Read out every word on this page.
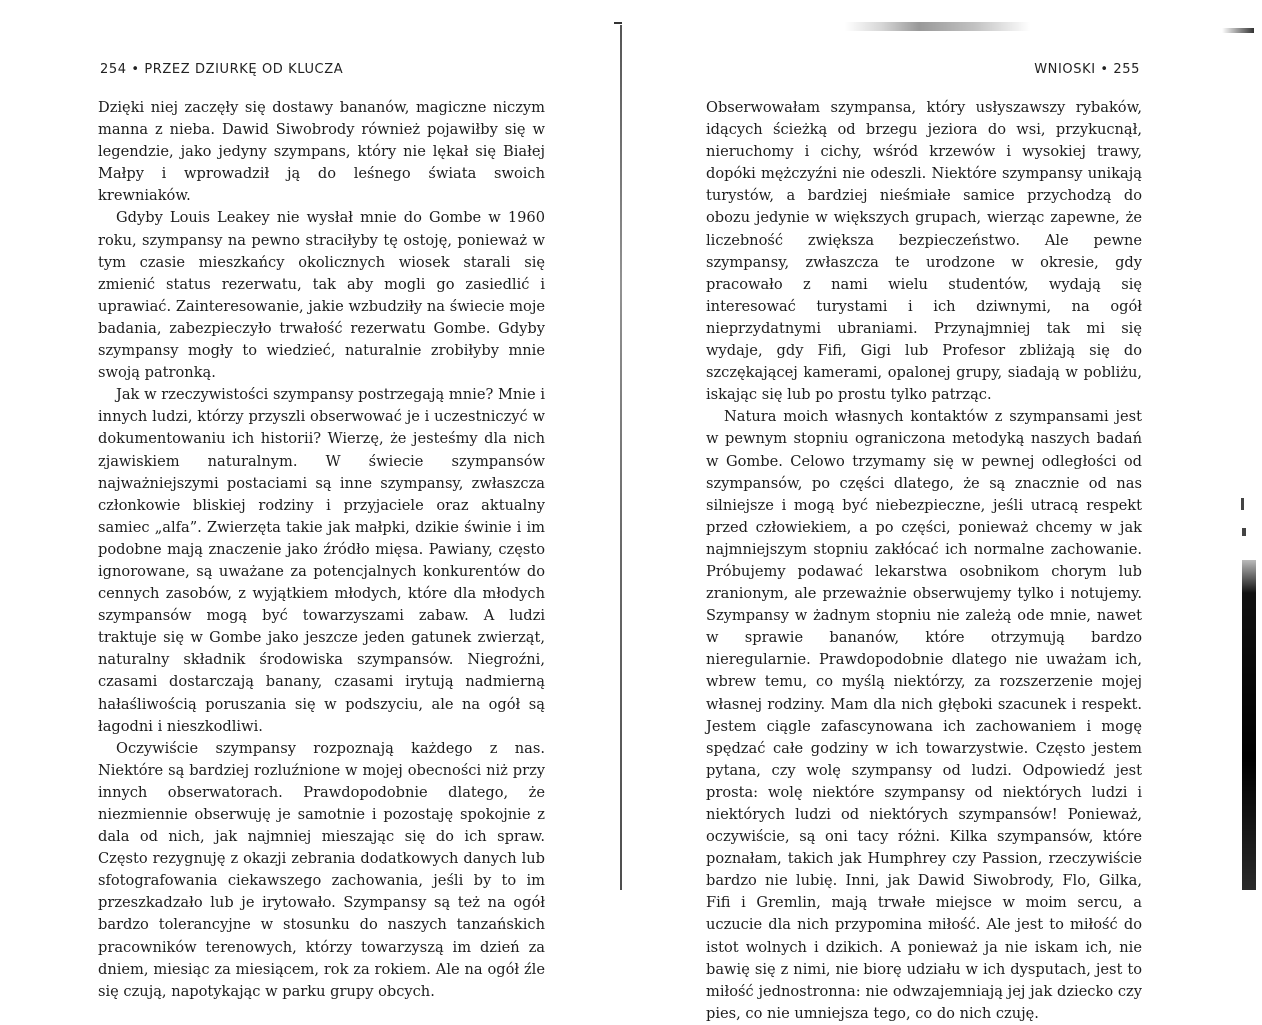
254 • PRZEZ DZIURKĘ OD KLUCZA

Dzięki niej zaczęły się dostawy bananów, magiczne niczym manna z nieba. Dawid Siwobrody również pojawiłby się w legendzie, jako jedyny szympans, który nie lękał się Białej Małpy i wprowadził ją do leśnego świata swoich krewniaków.

Gdyby Louis Leakey nie wysłał mnie do Gombe w 1960 roku, szympansy na pewno straciłyby tę ostoję, ponieważ w tym czasie mieszkańcy okolicznych wiosek starali się zmienić status rezerwatu, tak aby mogli go zasiedlić i uprawiać. Zainteresowanie, jakie wzbudziły na świecie moje badania, zabezpieczyło trwałość rezerwatu Gombe. Gdyby szympansy mogły to wiedzieć, naturalnie zrobiłyby mnie swoją patronką.

Jak w rzeczywistości szympansy postrzegają mnie? Mnie i innych ludzi, którzy przyszli obserwować je i uczestniczyć w dokumentowaniu ich historii? Wierzę, że jesteśmy dla nich zjawiskiem naturalnym. W świecie szympansów najważniejszymi postaciami są inne szympansy, zwłaszcza członkowie bliskiej rodziny i przyjaciele oraz aktualny samiec „alfa”. Zwierzęta takie jak małpki, dzikie świnie i im podobne mają znaczenie jako źródło mięsa. Pawiany, często ignorowane, są uważane za potencjalnych konkurentów do cennych zasobów, z wyjątkiem młodych, które dla młodych szympansów mogą być towarzyszami zabaw. A ludzi traktuje się w Gombe jako jeszcze jeden gatunek zwierząt, naturalny składnik środowiska szympansów. Niegroźni, czasami dostarczają banany, czasami irytują nadmierną hałaśliwością poruszania się w podszyciu, ale na ogół są łagodni i nieszkodliwi.

Oczywiście szympansy rozpoznają każdego z nas. Niektóre są bardziej rozluźnione w mojej obecności niż przy innych obserwatorach. Prawdopodobnie dlatego, że niezmiennie obserwuję je samotnie i pozostaję spokojnie z dala od nich, jak najmniej mieszając się do ich spraw. Często rezygnuję z okazji zebrania dodatkowych danych lub sfotografowania ciekawszego zachowania, jeśli by to im przeszkadzało lub je irytowało. Szympansy są też na ogół bardzo tolerancyjne w stosunku do naszych tanzańskich pracowników terenowych, którzy towarzyszą im dzień za dniem, miesiąc za miesiącem, rok za rokiem. Ale na ogół źle się czują, napotykając w parku grupy obcych.

WNIOSKI • 255

Obserwowałam szympansa, który usłyszawszy rybaków, idących ścieżką od brzegu jeziora do wsi, przykucnął, nieruchomy i cichy, wśród krzewów i wysokiej trawy, dopóki mężczyźni nie odeszli. Niektóre szympansy unikają turystów, a bardziej nieśmiałe samice przychodzą do obozu jedynie w większych grupach, wierząc zapewne, że liczebność zwiększa bezpieczeństwo. Ale pewne szympansy, zwłaszcza te urodzone w okresie, gdy pracowało z nami wielu studentów, wydają się interesować turystami i ich dziwnymi, na ogół nieprzydatnymi ubraniami. Przynajmniej tak mi się wydaje, gdy Fifi, Gigi lub Profesor zbliżają się do szczękającej kamerami, opalonej grupy, siadają w pobliżu, iskając się lub po prostu tylko patrząc.

Natura moich własnych kontaktów z szympansami jest w pewnym stopniu ograniczona metodyką naszych badań w Gombe. Celowo trzymamy się w pewnej odległości od szympansów, po części dlatego, że są znacznie od nas silniejsze i mogą być niebezpieczne, jeśli utracą respekt przed człowiekiem, a po części, ponieważ chcemy w jak najmniejszym stopniu zakłócać ich normalne zachowanie. Próbujemy podawać lekarstwa osobnikom chorym lub zranionym, ale przeważnie obserwujemy tylko i notujemy. Szympansy w żadnym stopniu nie zależą ode mnie, nawet w sprawie bananów, które otrzymują bardzo nieregularnie. Prawdopodobnie dlatego nie uważam ich, wbrew temu, co myślą niektórzy, za rozszerzenie mojej własnej rodziny. Mam dla nich głęboki szacunek i respekt. Jestem ciągle zafascynowana ich zachowaniem i mogę spędzać całe godziny w ich towarzystwie. Często jestem pytana, czy wolę szympansy od ludzi. Odpowiedź jest prosta: wolę niektóre szympansy od niektórych ludzi i niektórych ludzi od niektórych szympansów! Ponieważ, oczywiście, są oni tacy różni. Kilka szympansów, które poznałam, takich jak Humphrey czy Passion, rzeczywiście bardzo nie lubię. Inni, jak Dawid Siwobrody, Flo, Gilka, Fifi i Gremlin, mają trwałe miejsce w moim sercu, a uczucie dla nich przypomina miłość. Ale jest to miłość do istot wolnych i dzikich. A ponieważ ja nie iskam ich, nie bawię się z nimi, nie biorę udziału w ich dysputach, jest to miłość jednostronna: nie odwzajemniają jej jak dziecko czy pies, co nie umniejsza tego, co do nich czuję.
